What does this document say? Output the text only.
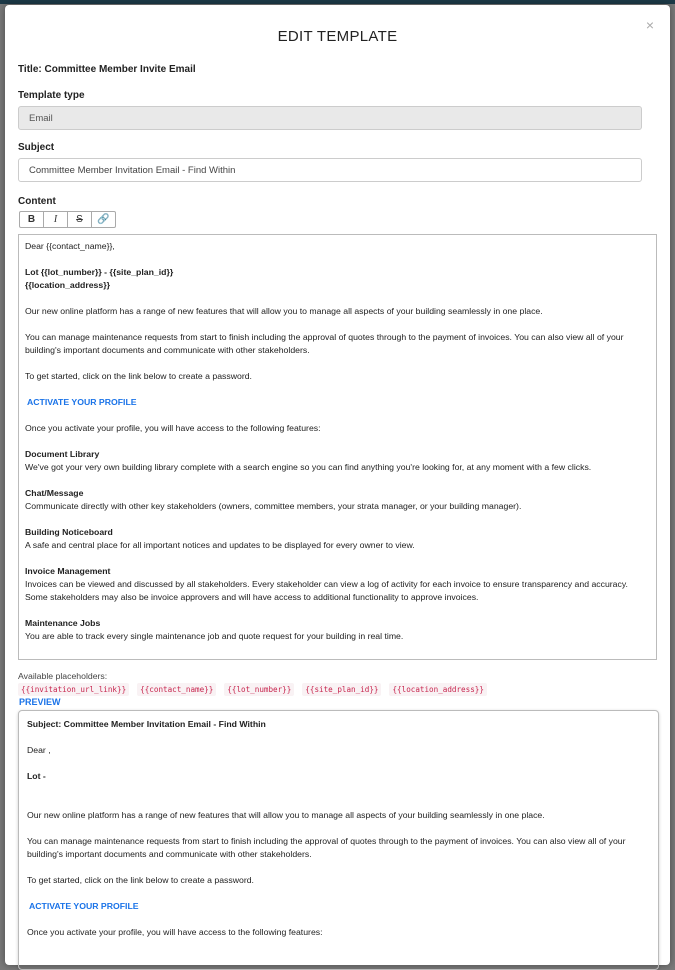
EDIT TEMPLATE
×
Title: Committee Member Invite Email
Template type
Email
Subject
Committee Member Invitation Email - Find Within
Content
B	I	S	🔗
Dear {{contact_name}},
Lot {{lot_number}} - {{site_plan_id}}
{{location_address}}
Our new online platform has a range of new features that will allow you to manage all aspects of your building seamlessly in one place.
You can manage maintenance requests from start to finish including the approval of quotes through to the payment of invoices. You can also view all of your building's important documents and communicate with other stakeholders.
To get started, click on the link below to create a password.
ACTIVATE YOUR PROFILE
Once you activate your profile, you will have access to the following features:
Document Library
We've got your very own building library complete with a search engine so you can find anything you're looking for, at any moment with a few clicks.
Chat/Message
Communicate directly with other key stakeholders (owners, committee members, your strata manager, or your building manager).
Building Noticeboard
A safe and central place for all important notices and updates to be displayed for every owner to view.
Invoice Management
Invoices can be viewed and discussed by all stakeholders. Every stakeholder can view a log of activity for each invoice to ensure transparency and accuracy. Some stakeholders may also be invoice approvers and will have access to additional functionality to approve invoices.
Maintenance Jobs
You are able to track every single maintenance job and quote request for your building in real time.
Available placeholders:
{{invitation_url_link}}	{{contact_name}}	{{lot_number}}	{{site_plan_id}}	{{location_address}}
PREVIEW
Subject: Committee Member Invitation Email - Find Within
Dear ,
Lot -
Our new online platform has a range of new features that will allow you to manage all aspects of your building seamlessly in one place.
You can manage maintenance requests from start to finish including the approval of quotes through to the payment of invoices. You can also view all of your building's important documents and communicate with other stakeholders.
To get started, click on the link below to create a password.
ACTIVATE YOUR PROFILE
Once you activate your profile, you will have access to the following features:
